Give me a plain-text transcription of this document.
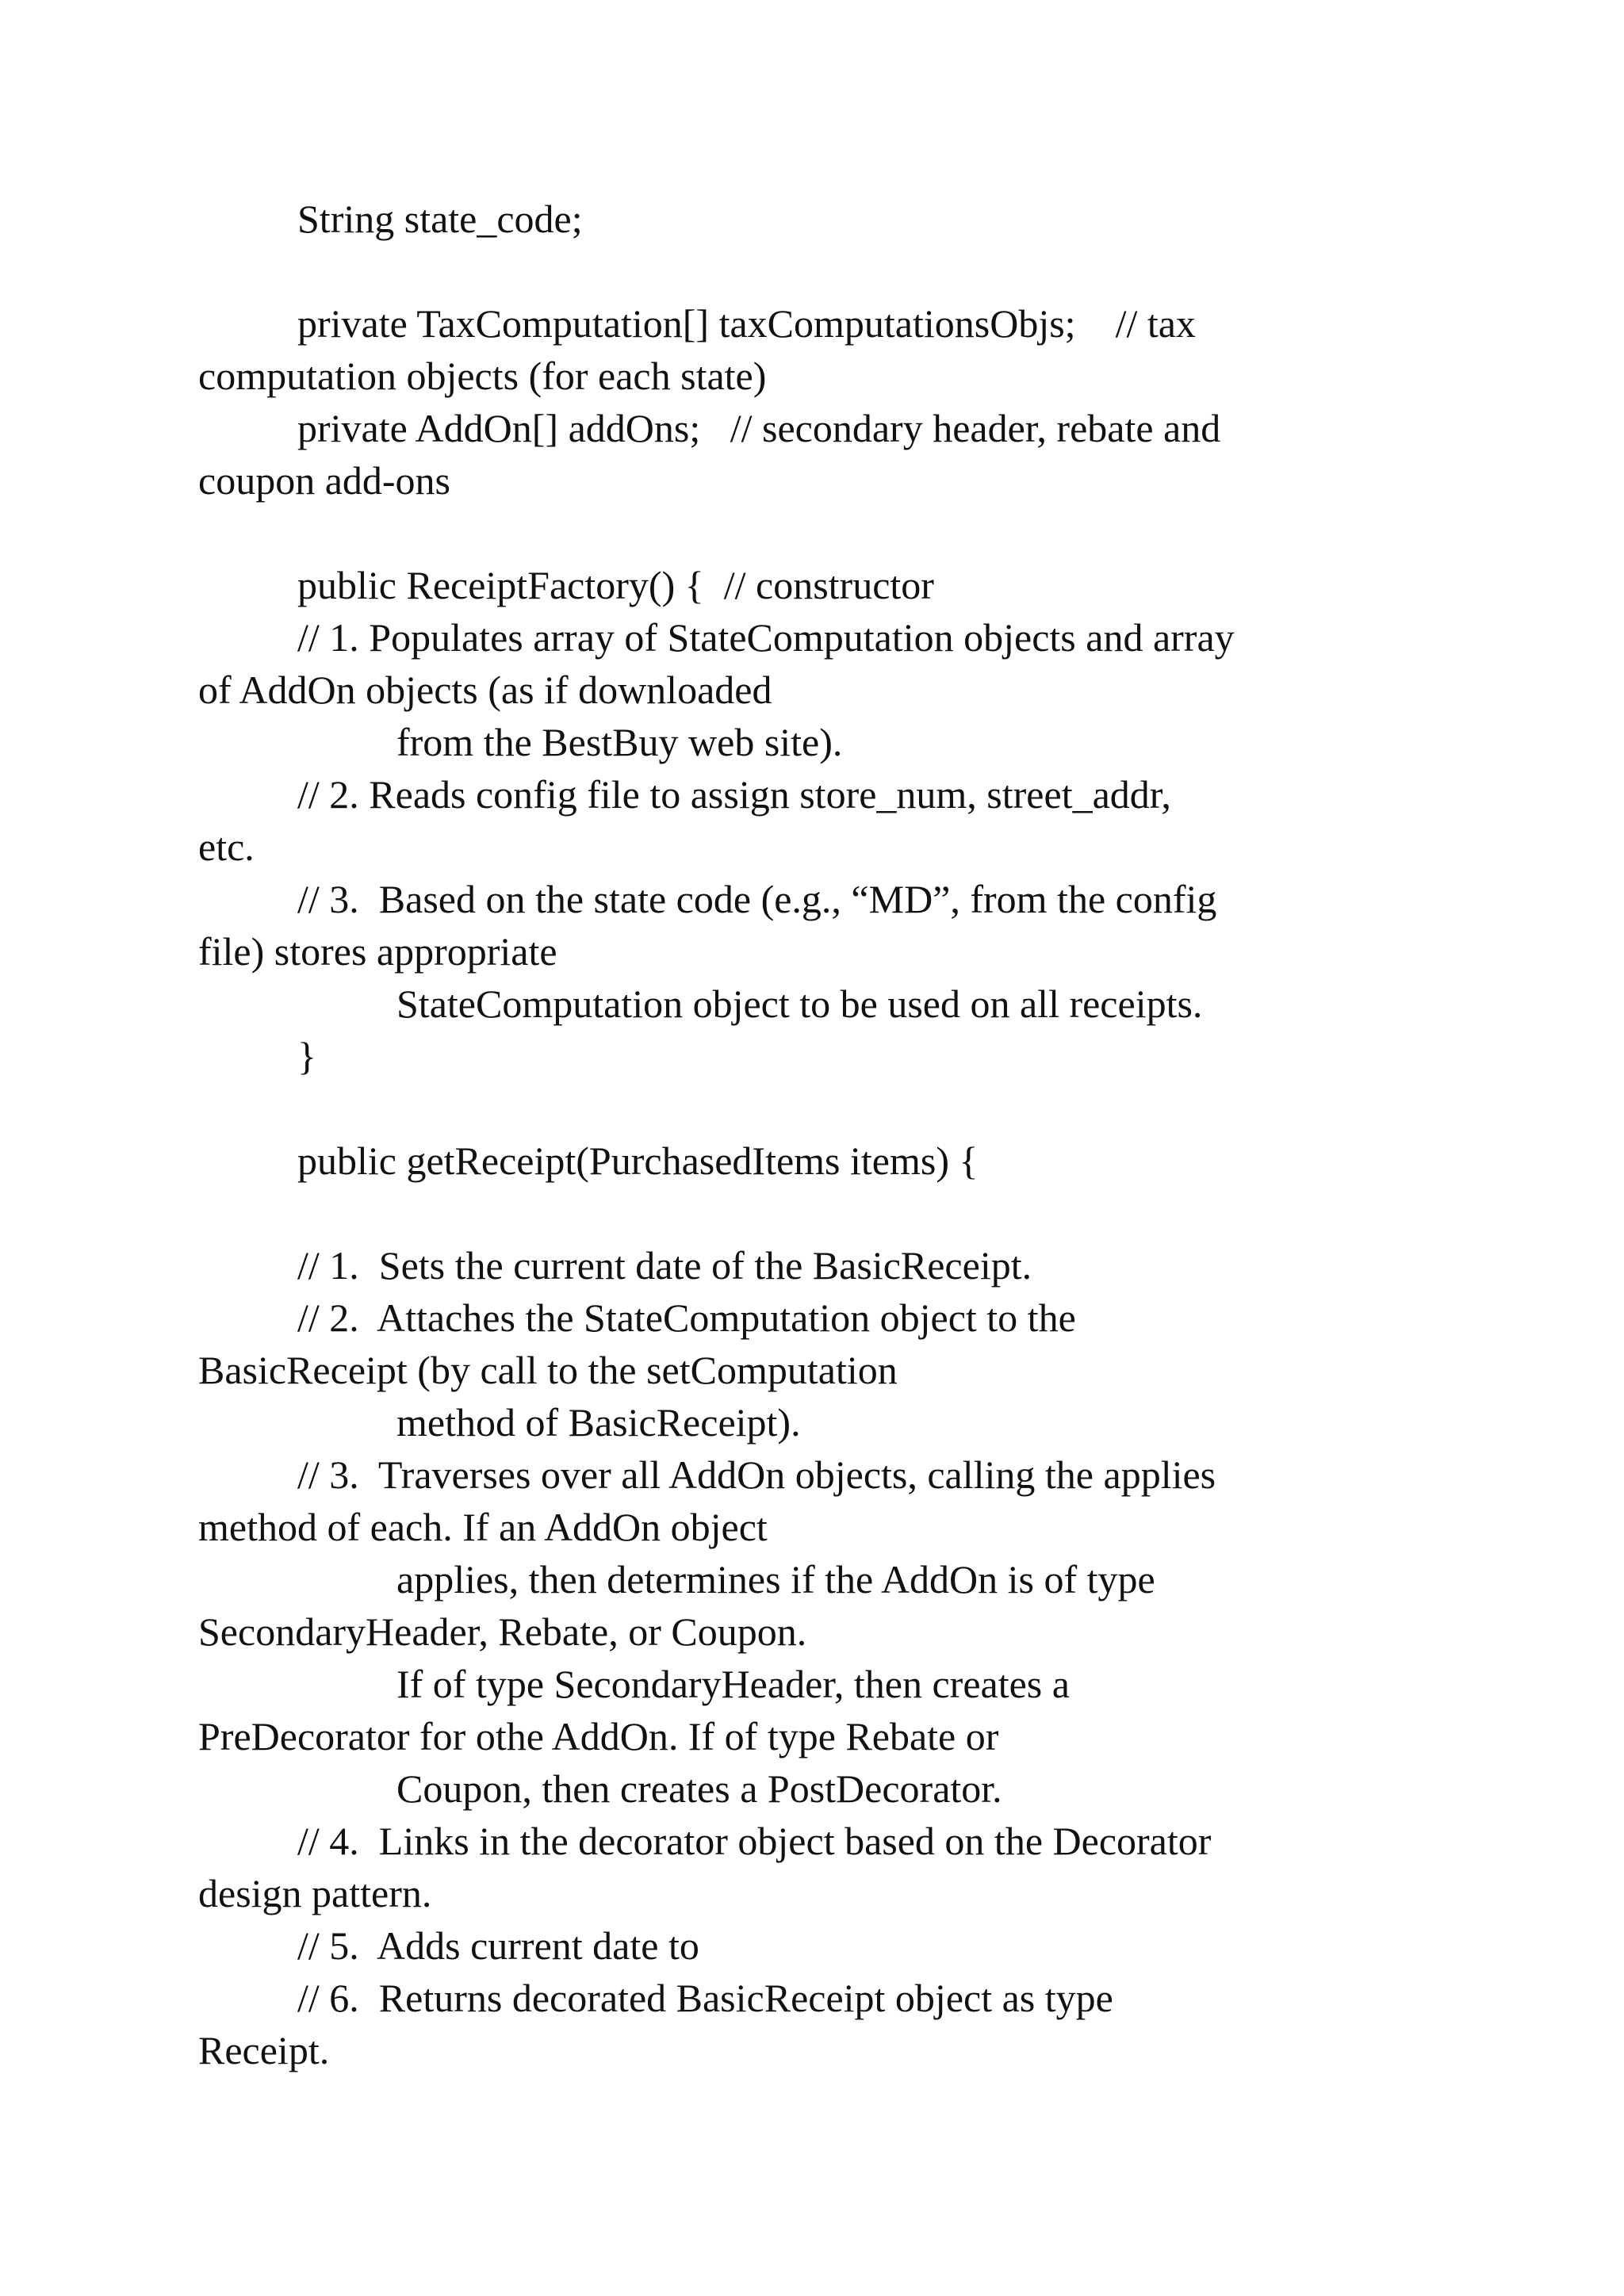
String state_code;

private TaxComputation[] taxComputationsObjs;    // tax

computation objects (for each state)

private AddOn[] addOns;   // secondary header, rebate and

coupon add-ons

public ReceiptFactory() {  // constructor

// 1. Populates array of StateComputation objects and array

of AddOn objects (as if downloaded

from the BestBuy web site).

// 2. Reads config file to assign store_num, street_addr,

etc.

// 3.  Based on the state code (e.g., “MD”, from the config

file) stores appropriate

StateComputation object to be used on all receipts.

}

public getReceipt(PurchasedItems items) {

// 1.  Sets the current date of the BasicReceipt.

// 2.  Attaches the StateComputation object to the

BasicReceipt (by call to the setComputation

method of BasicReceipt).

// 3.  Traverses over all AddOn objects, calling the applies

method of each. If an AddOn object

applies, then determines if the AddOn is of type

SecondaryHeader, Rebate, or Coupon.

If of type SecondaryHeader, then creates a

PreDecorator for othe AddOn. If of type Rebate or

Coupon, then creates a PostDecorator.

// 4.  Links in the decorator object based on the Decorator

design pattern.

// 5.  Adds current date to

// 6.  Returns decorated BasicReceipt object as type

Receipt.
